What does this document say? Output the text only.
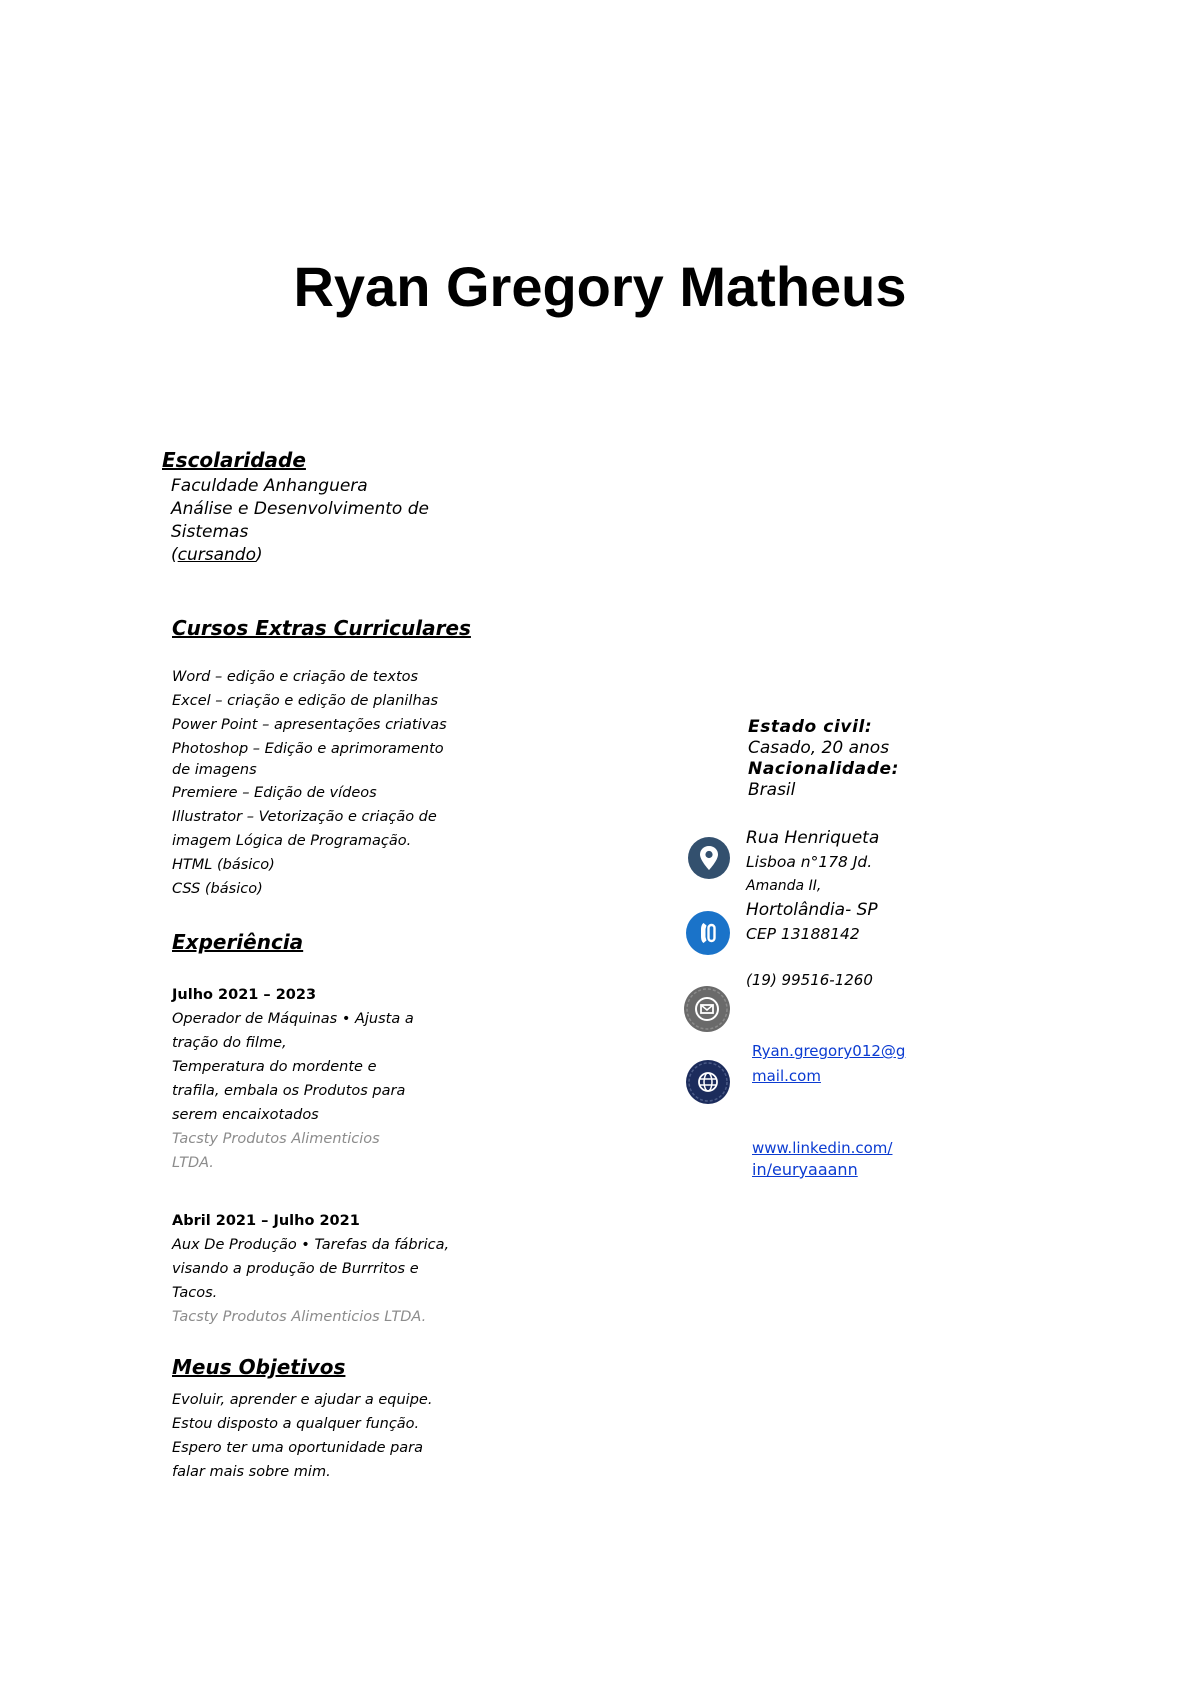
Ryan Gregory Matheus
Escolaridade
Faculdade Anhanguera
Análise e Desenvolvimento de
Sistemas
(cursando)
Cursos Extras Curriculares
Word – edição e criação de textos
Excel – criação e edição de planilhas
Power Point – apresentações criativas
Photoshop – Edição e aprimoramento
de imagens
Premiere – Edição de vídeos
Illustrator – Vetorização e criação de
imagem Lógica de Programação.
HTML (básico)
CSS (básico)
Experiência
Julho 2021 – 2023
Operador de Máquinas • Ajusta a
tração do filme,
Temperatura do mordente e
trafila, embala os Produtos para
serem encaixotados
Tacsty Produtos Alimenticios
LTDA.
Abril 2021 – Julho 2021
Aux De Produção • Tarefas da fábrica,
visando a produção de Burrritos e
Tacos.
Tacsty Produtos Alimenticios LTDA.
Meus Objetivos
Evoluir, aprender e ajudar a equipe.
Estou disposto a qualquer função.
Espero ter uma oportunidade para
falar mais sobre mim.
Estado civil:
Casado, 20 anos
Nacionalidade:
Brasil
Rua Henriqueta
Lisboa n°178 Jd.
Amanda II,
Hortolândia- SP
CEP 13188142
(19) 99516-1260
Ryan.gregory012@g
mail.com
www.linkedin.com/
in/euryaaann
